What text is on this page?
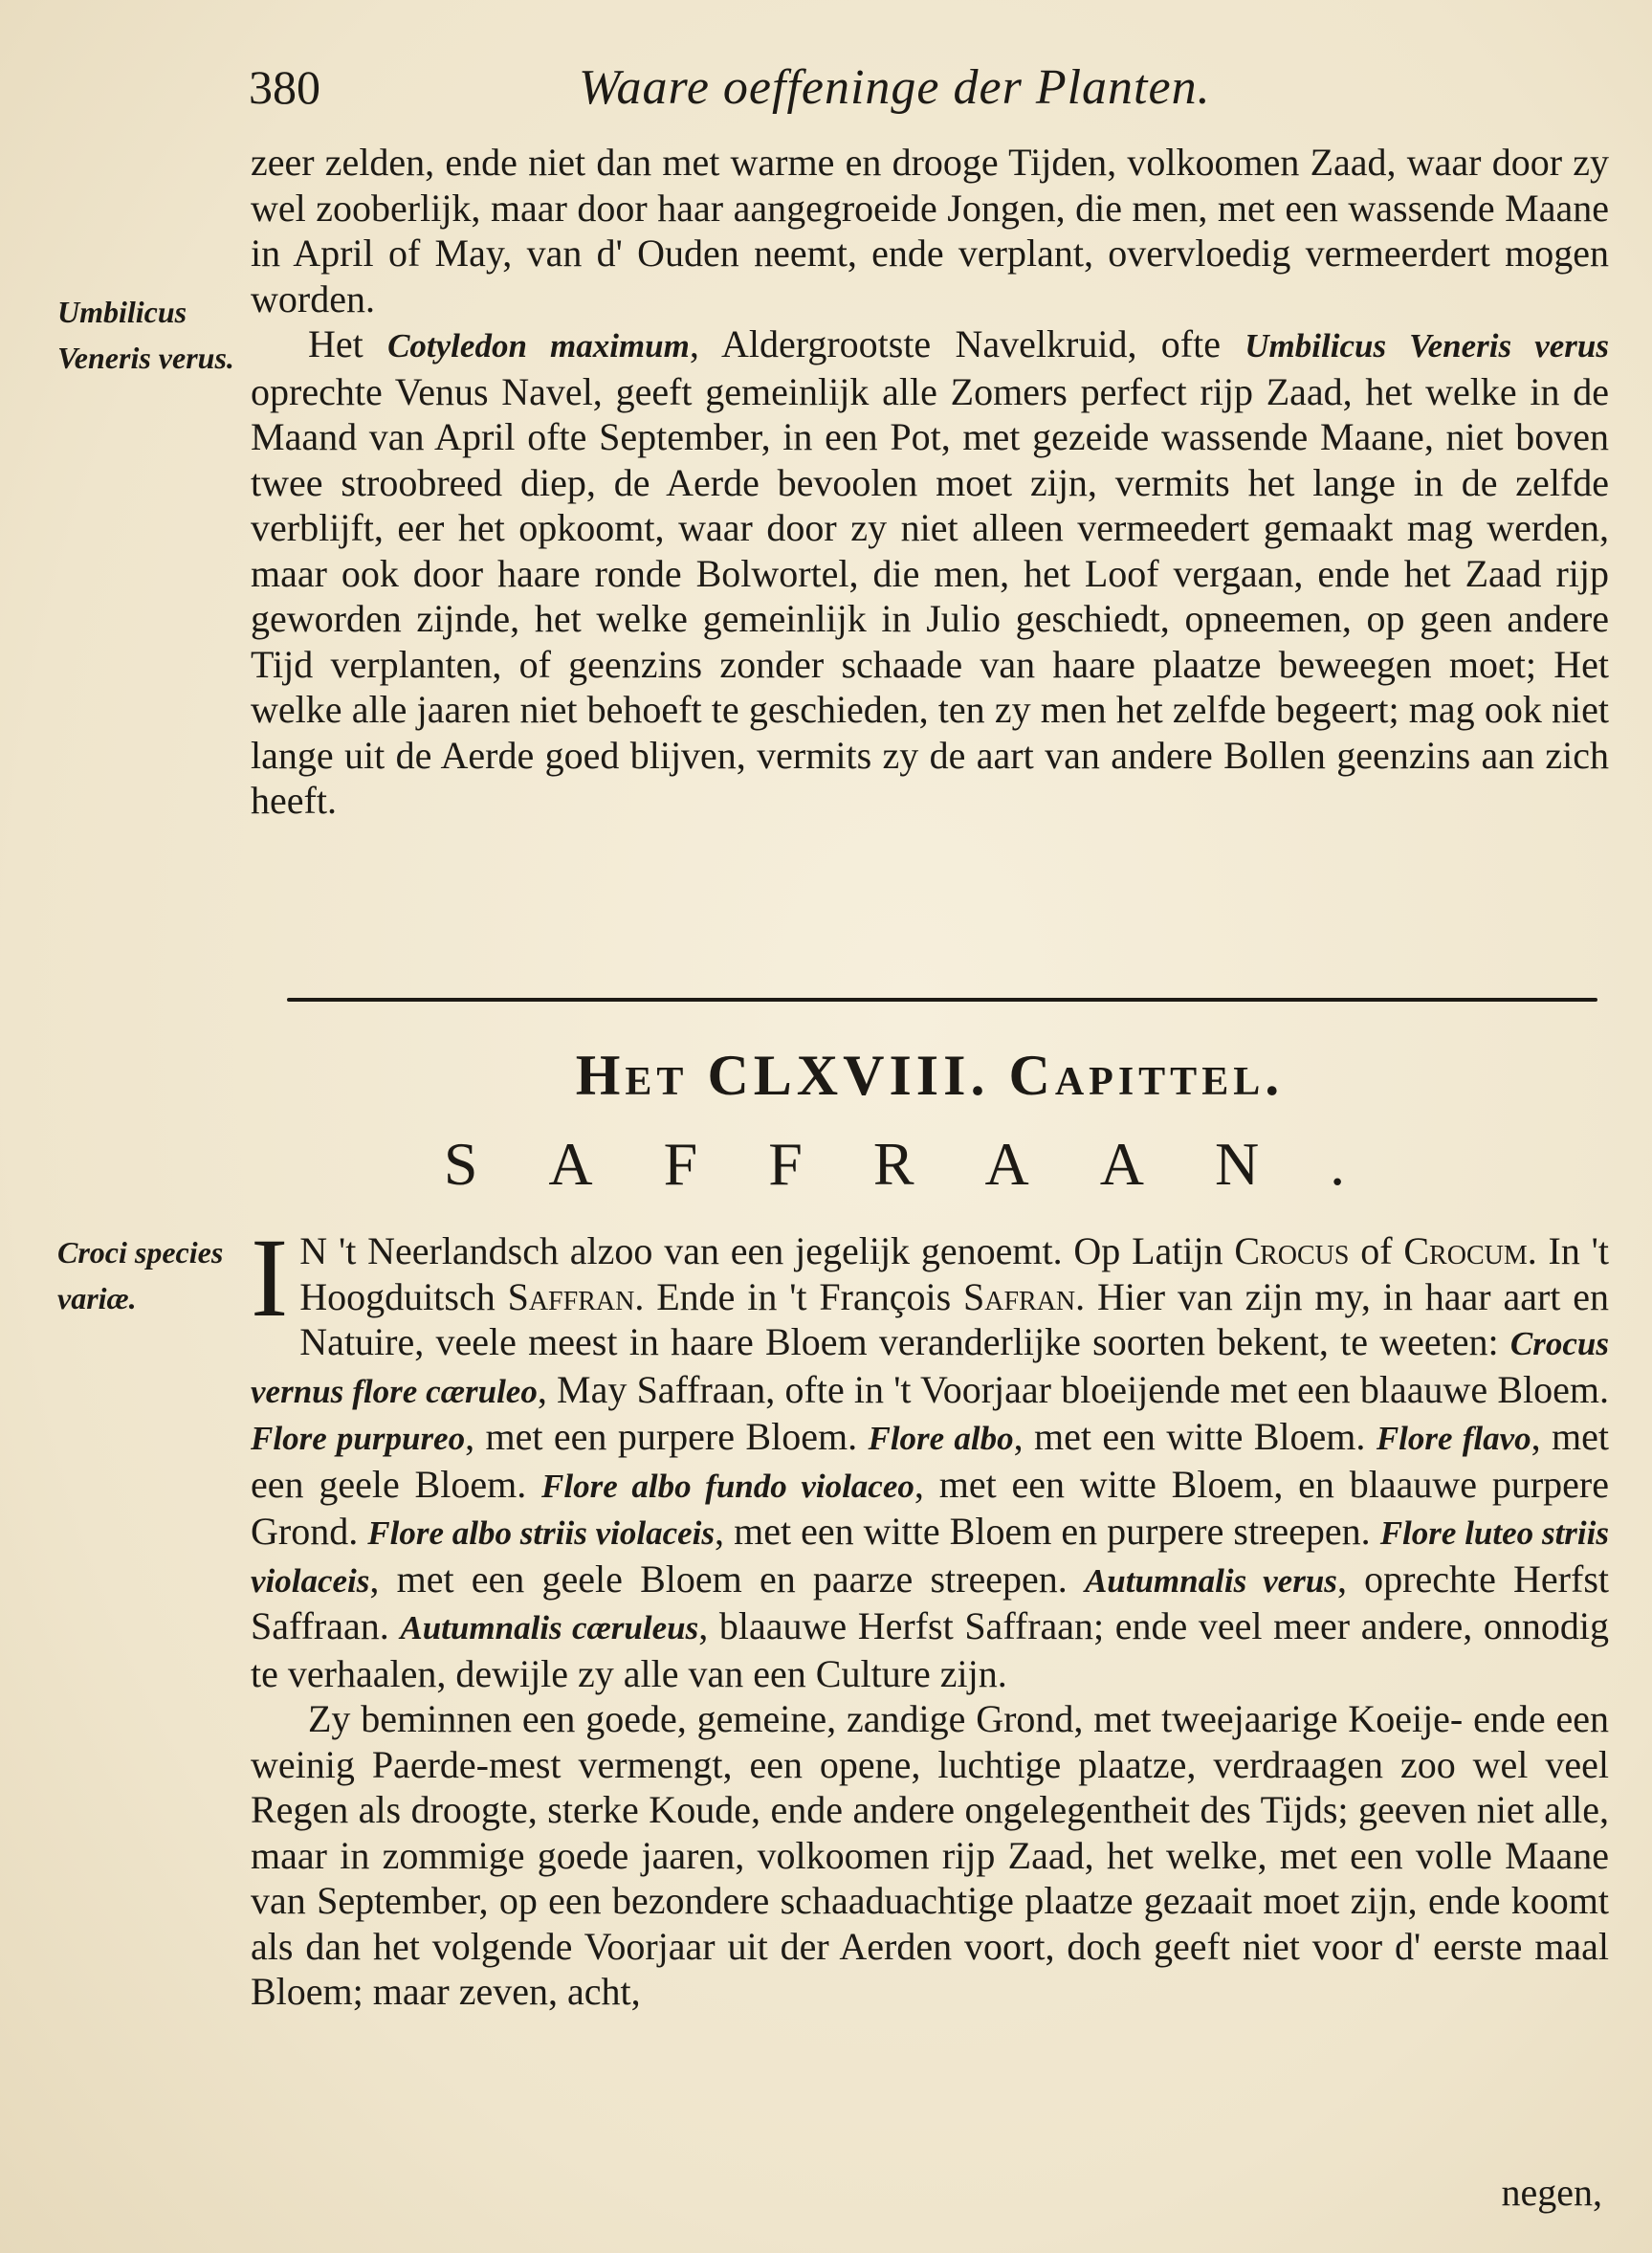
380	Waare oeffeninge der Planten.
Umbilicus Veneris verus.

zeer zelden, ende niet dan met warme en drooge Tijden, volkoomen Zaad, waar door zy wel zooberlijk, maar door haar aangegroeide Jongen, die men, met een wassende Maane in April of May, van d' Ouden neemt, ende verplant, overvloedig vermeerdert mogen worden.

Het Cotyledon maximum, Aldergrootste Navelkruid, ofte Umbilicus Veneris verus oprechte Venus Navel, geeft gemeinlijk alle Zomers perfect rijp Zaad, het welke in de Maand van April ofte September, in een Pot, met gezeide wassende Maane, niet boven twee stroobreed diep, de Aerde bevoolen moet zijn, vermits het lange in de zelfde verblijft, eer het opkoomt, waar door zy niet alleen vermeedert gemaakt mag werden, maar ook door haare ronde Bolwortel, die men, het Loof vergaan, ende het Zaad rijp geworden zijnde, het welke gemeinlijk in Julio geschiedt, opneemen, op geen andere Tijd verplanten, of geenzins zonder schaade van haare plaatze beweegen moet; Het welke alle jaaren niet behoeft te geschieden, ten zy men het zelfde begeert; mag ook niet lange uit de Aerde goed blijven, vermits zy de aart van andere Bollen geenzins aan zich heeft.

Het CLXVIII. Capittel.
SAFFRAAN.
Croci species variæ.	I N 't Neerlandsch alzoo van een jegelijk genoemt. Op Latijn Crocus of Crocum. In 't Hoogduitsch Saffran. Ende in 't François Safran. Hier van zijn my, in haar aart en Natuire, veele meest in haare Bloem veranderlijke soorten bekent, te weeten: Crocus vernus flore cæruleo, May Saffraan, ofte in 't Voorjaar bloeijende met een blaauwe Bloem. Flore purpureo, met een purpere Bloem. Flore albo, met een witte Bloem. Flore flavo, met een geele Bloem. Flore albo fundo violaceo, met een witte Bloem, en blaauwe purpere Grond. Flore albo striis violaceis, met een witte Bloem en purpere streepen. Flore luteo striis violaceis, met een geele Bloem en paarze streepen. Autumnalis verus, oprechte Herfst Saffraan. Autumnalis cæruleus, blaauwe Herfst Saffraan; ende veel meer andere, onnodig te verhaalen, dewijle zy alle van een Culture zijn.

Zy beminnen een goede, gemeine, zandige Grond, met tweejaarige Koeije- ende een weinig Paerde-mest vermengt, een opene, luchtige plaatze, verdraagen zoo wel veel Regen als droogte, sterke Koude, ende andere ongelegentheit des Tijds; geeven niet alle, maar in zommige goede jaaren, volkoomen rijp Zaad, het welke, met een volle Maane van September, op een bezondere schaaduachtige plaatze gezaait moet zijn, ende koomt als dan het volgende Voorjaar uit der Aerden voort, doch geeft niet voor d' eerste maal Bloem; maar zeven, acht,

negen,
